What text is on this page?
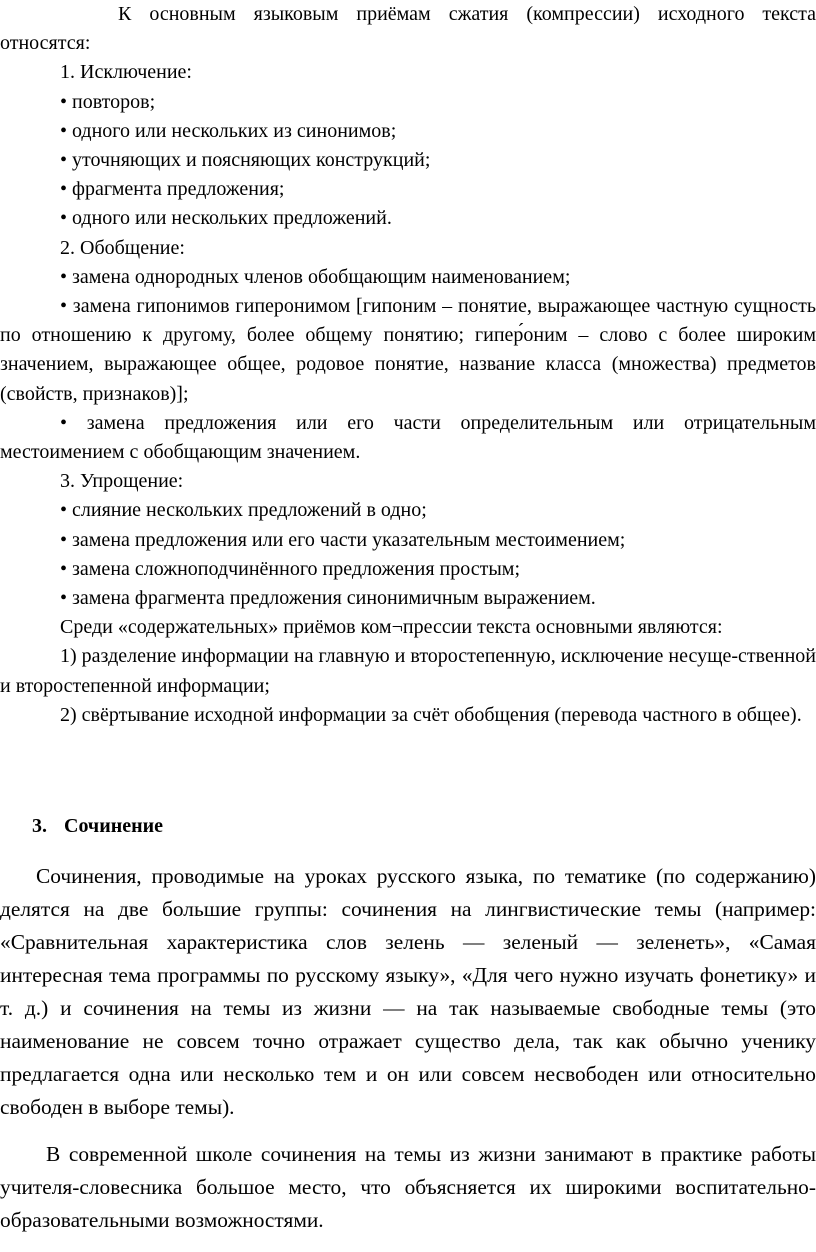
К основным языковым приёмам сжатия (компрессии) исходного текста относятся:

1. Исключение:

• повторов;

• одного или нескольких из синонимов;

• уточняющих и поясняющих конструкций;

• фрагмента предложения;

• одного или нескольких предложений.

2. Обобщение:

• замена однородных членов обобщающим наименованием;

• замена гипонимов гиперонимом [гипоним – понятие, выражающее частную сущность по отношению к другому, более общему понятию; гипер́оним – слово с более широким значением, выражающее общее, родовое понятие, название класса (множества) предметов (свойств, признаков)];

• замена предложения или его части определительным или отрицательным местоимением с обобщающим значением.

3. Упрощение:

• слияние нескольких предложений в одно;

• замена предложения или его части указательным местоимением;

• замена сложноподчинённого предложения простым;

• замена фрагмента предложения синонимичным выражением.

Среди «содержательных» приёмов ком¬прессии текста основными являются:

1) разделение информации на главную и второстепенную, исключение несуще-ственной и второстепенной информации;

2) свёртывание исходной информации за счёт обобщения (перевода частного в общее).

3. Сочинение

Сочинения, проводимые на уроках русского языка, по тематике (по содержанию) делятся на две большие группы: сочинения на лингвистические темы (например: «Сравнительная характеристика слов зелень — зеленый — зеленеть», «Самая интересная тема программы по русскому языку», «Для чего нужно изучать фонетику» и т. д.) и сочинения на темы из жизни — на так называемые свободные темы (это наименование не совсем точно отражает существо дела, так как обычно ученику предлагается одна или несколько тем и он или совсем несвободен или относительно свободен в выборе темы).

В современной школе сочинения на темы из жизни занимают в практике работы учителя-словесника большое место, что объясняется их широкими воспитательно-образовательными возможностями.
